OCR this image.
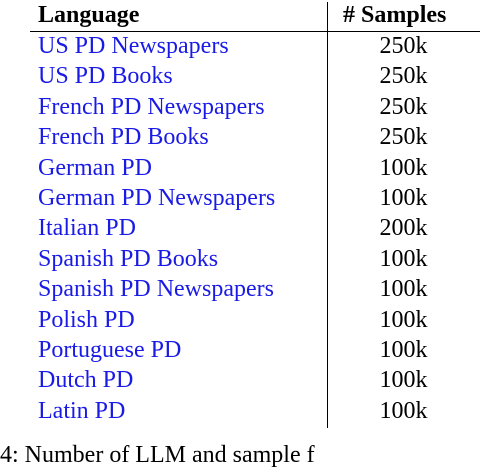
Language	# Samples
US PD Newspapers	250k
US PD Books	250k
French PD Newspapers	250k
French PD Books	250k
German PD	100k
German PD Newspapers	100k
Italian PD	200k
Spanish PD Books	100k
Spanish PD Newspapers	100k
Polish PD	100k
Portuguese PD	100k
Dutch PD	100k
Latin PD	100k
4: Number of LLM and sample f
